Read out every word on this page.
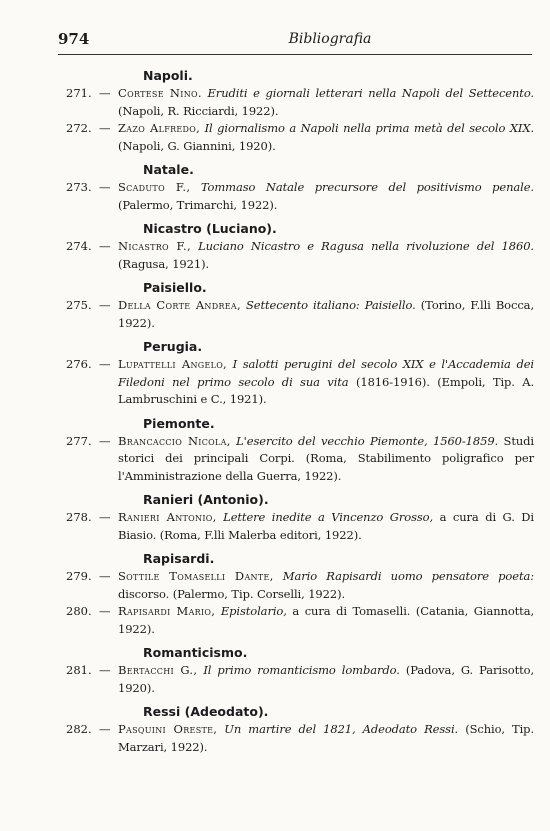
974	Bibliografia
Napoli.
271. — Cortese Nino. Eruditi e giornali letterari nella Napoli del Settecento. (Napoli, R. Ricciardi, 1922).
272. — Zazo Alfredo, Il giornalismo a Napoli nella prima metà del secolo XIX. (Napoli, G. Giannini, 1920).
Natale.
273. — Scaduto F., Tommaso Natale precursore del positivismo penale. (Palermo, Trimarchi, 1922).
Nicastro (Luciano).
274. — Nicastro F., Luciano Nicastro e Ragusa nella rivoluzione del 1860. (Ragusa, 1921).
Paisiello.
275. — Della Corte Andrea, Settecento italiano: Paisiello. (Torino, F.lli Bocca, 1922).
Perugia.
276. — Lupattelli Angelo, I salotti perugini del secolo XIX e l'Accademia dei Filedoni nel primo secolo di sua vita (1816-1916). (Empoli, Tip. A. Lambruschini e C., 1921).
Piemonte.
277. — Brancaccio Nicola, L'esercito del vecchio Piemonte, 1560-1859. Studi storici dei principali Corpi. (Roma, Stabilimento poligrafico per l'Amministrazione della Guerra, 1922).
Ranieri (Antonio).
278. — Ranieri Antonio, Lettere inedite a Vincenzo Grosso, a cura di G. Di Biasio. (Roma, F.lli Malerba editori, 1922).
Rapisardi.
279. — Sottile Tomaselli Dante, Mario Rapisardi uomo pensatore poeta: discorso. (Palermo, Tip. Corselli, 1922).
280. — Rapisardi Mario, Epistolario, a cura di Tomaselli. (Catania, Giannotta, 1922).
Romanticismo.
281. — Bertacchi G., Il primo romanticismo lombardo. (Padova, G. Parisotto, 1920).
Ressi (Adeodato).
282. — Pasquini Oreste, Un martire del 1821, Adeodato Ressi. (Schio, Tip. Marzari, 1922).
